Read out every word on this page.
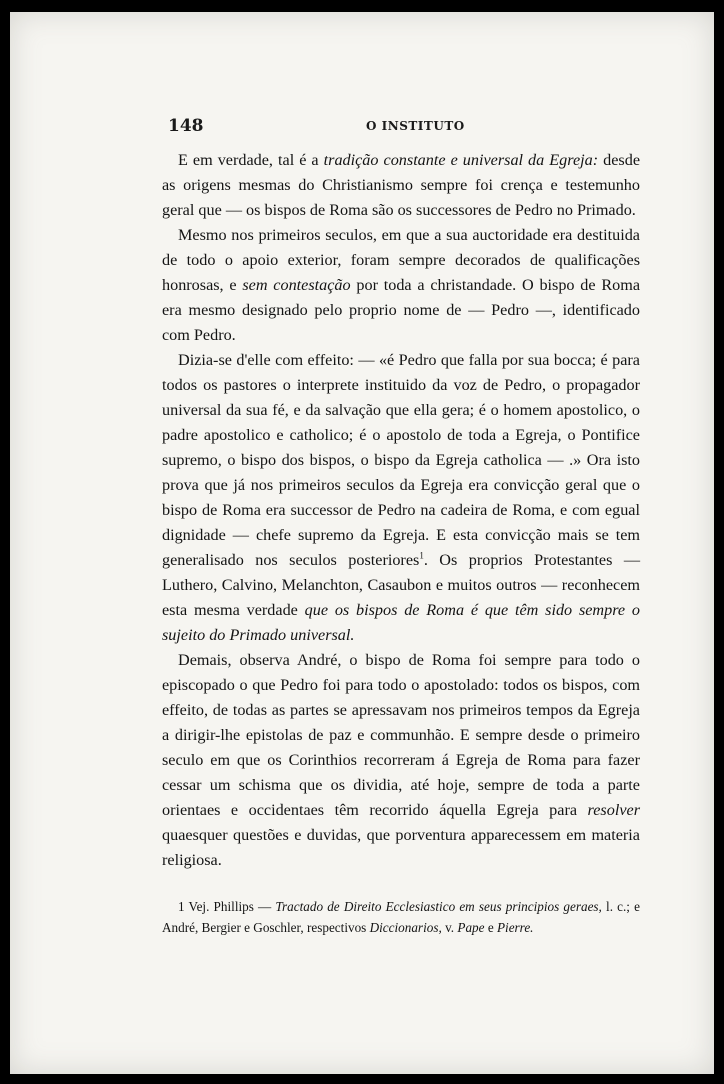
148	O INSTITUTO

E em verdade, tal é a tradição constante e universal da Egreja: desde as origens mesmas do Christianismo sempre foi crença e testemunho geral que — os bispos de Roma são os successores de Pedro no Primado.

Mesmo nos primeiros seculos, em que a sua auctoridade era destituida de todo o apoio exterior, foram sempre decorados de qualificações honrosas, e sem contestação por toda a christandade. O bispo de Roma era mesmo designado pelo proprio nome de — Pedro —, identificado com Pedro.

Dizia-se d'elle com effeito: — «é Pedro que falla por sua bocca; é para todos os pastores o interprete instituido da voz de Pedro, o propagador universal da sua fé, e da salvação que ella gera; é o homem apostolico, o padre apostolico e catholico; é o apostolo de toda a Egreja, o Pontifice supremo, o bispo dos bispos, o bispo da Egreja catholica — .» Ora isto prova que já nos primeiros seculos da Egreja era convicção geral que o bispo de Roma era successor de Pedro na cadeira de Roma, e com egual dignidade — chefe supremo da Egreja. E esta convicção mais se tem generalisado nos seculos posteriores$^1$. Os proprios Protestantes — Luthero, Calvino, Melanchton, Casaubon e muitos outros — reconhecem esta mesma verdade que os bispos de Roma é que têm sido sempre o sujeito do Primado universal.

Demais, observa André, o bispo de Roma foi sempre para todo o episcopado o que Pedro foi para todo o apostolado: todos os bispos, com effeito, de todas as partes se apressavam nos primeiros tempos da Egreja a dirigir-lhe epistolas de paz e communhão. E sempre desde o primeiro seculo em que os Corinthios recorreram á Egreja de Roma para fazer cessar um schisma que os dividia, até hoje, sempre de toda a parte orientaes e occidentaes têm recorrido áquella Egreja para resolver quaesquer questões e duvidas, que porventura apparecessem em materia religiosa.

1 Vej. Phillips — Tractado de Direito Ecclesiastico em seus principios geraes, l. c.; e André, Bergier e Goschler, respectivos Diccionarios, v. Pape e Pierre.
